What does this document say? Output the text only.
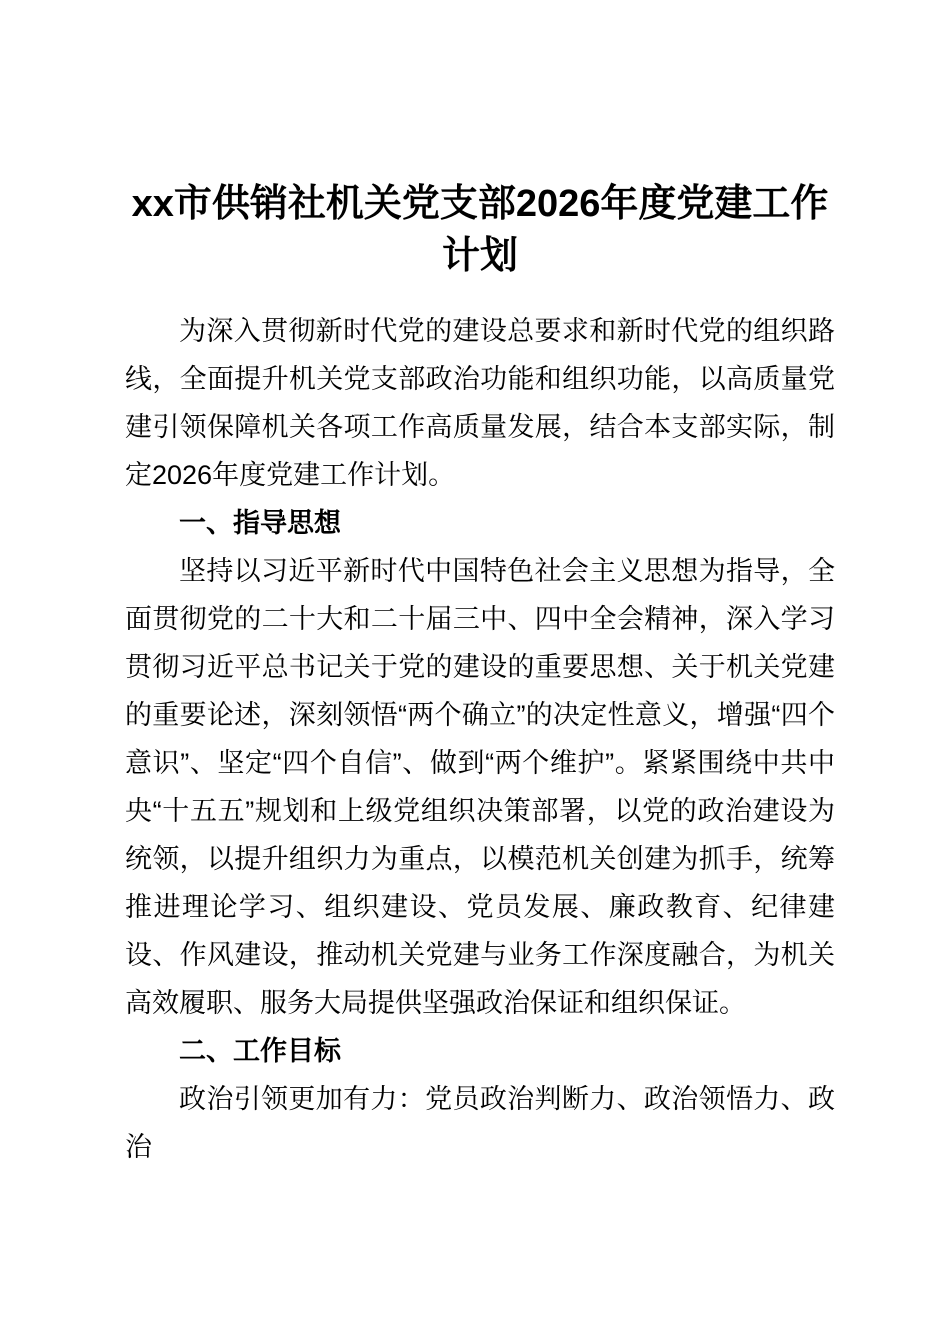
xx市供销社机关党支部2026年度党建工作计划

为深入贯彻新时代党的建设总要求和新时代党的组织路线，全面提升机关党支部政治功能和组织功能，以高质量党建引领保障机关各项工作高质量发展，结合本支部实际，制定2026年度党建工作计划。

一、指导思想

坚持以习近平新时代中国特色社会主义思想为指导，全面贯彻党的二十大和二十届三中、四中全会精神，深入学习贯彻习近平总书记关于党的建设的重要思想、关于机关党建的重要论述，深刻领悟“两个确立”的决定性意义，增强“四个意识”、坚定“四个自信”、做到“两个维护”。紧紧围绕中共中央“十五五”规划和上级党组织决策部署，以党的政治建设为统领，以提升组织力为重点，以模范机关创建为抓手，统筹推进理论学习、组织建设、党员发展、廉政教育、纪律建设、作风建设，推动机关党建与业务工作深度融合，为机关高效履职、服务大局提供坚强政治保证和组织保证。

二、工作目标

政治引领更加有力：党员政治判断力、政治领悟力、政治
